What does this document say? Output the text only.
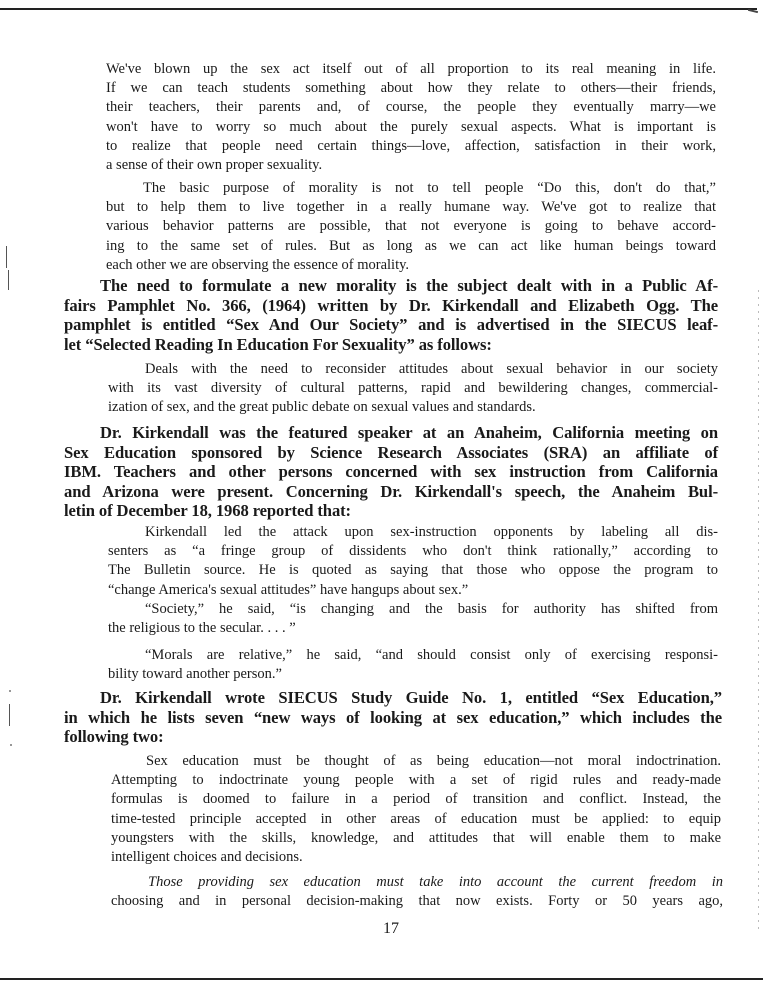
We've blown up the sex act itself out of all proportion to its real meaning in life.
If we can teach students something about how they relate to others—their friends,
their teachers, their parents and, of course, the people they eventually marry—we
won't have to worry so much about the purely sexual aspects. What is important is
to realize that people need certain things—love, affection, satisfaction in their work,
a sense of their own proper sexuality.
The basic purpose of morality is not to tell people “Do this, don't do that,”
but to help them to live together in a really humane way. We've got to realize that
various behavior patterns are possible, that not everyone is going to behave accord-
ing to the same set of rules. But as long as we can act like human beings toward
each other we are observing the essence of morality.
The need to formulate a new morality is the subject dealt with in a Public Af-
fairs Pamphlet No. 366, (1964) written by Dr. Kirkendall and Elizabeth Ogg. The
pamphlet is entitled “Sex And Our Society” and is advertised in the SIECUS leaf-
let “Selected Reading In Education For Sexuality” as follows:
Deals with the need to reconsider attitudes about sexual behavior in our society
with its vast diversity of cultural patterns, rapid and bewildering changes, commercial-
ization of sex, and the great public debate on sexual values and standards.
Dr. Kirkendall was the featured speaker at an Anaheim, California meeting on
Sex Education sponsored by Science Research Associates (SRA) an affiliate of
IBM. Teachers and other persons concerned with sex instruction from California
and Arizona were present. Concerning Dr. Kirkendall's speech, the Anaheim Bul-
letin of December 18, 1968 reported that:
Kirkendall led the attack upon sex-instruction opponents by labeling all dis-
senters as “a fringe group of dissidents who don't think rationally,” according to
The Bulletin source. He is quoted as saying that those who oppose the program to
“change America's sexual attitudes” have hangups about sex.”
“Society,” he said, “is changing and the basis for authority has shifted from
the religious to the secular. . . . ”
“Morals are relative,” he said, “and should consist only of exercising responsi-
bility toward another person.”
Dr. Kirkendall wrote SIECUS Study Guide No. 1, entitled “Sex Education,”
in which he lists seven “new ways of looking at sex education,” which includes the
following two:
Sex education must be thought of as being education—not moral indoctrination.
Attempting to indoctrinate young people with a set of rigid rules and ready-made
formulas is doomed to failure in a period of transition and conflict. Instead, the
time-tested principle accepted in other areas of education must be applied: to equip
youngsters with the skills, knowledge, and attitudes that will enable them to make
intelligent choices and decisions.
Those providing sex education must take into account the current freedom in
choosing and in personal decision-making that now exists. Forty or 50 years ago,
17
